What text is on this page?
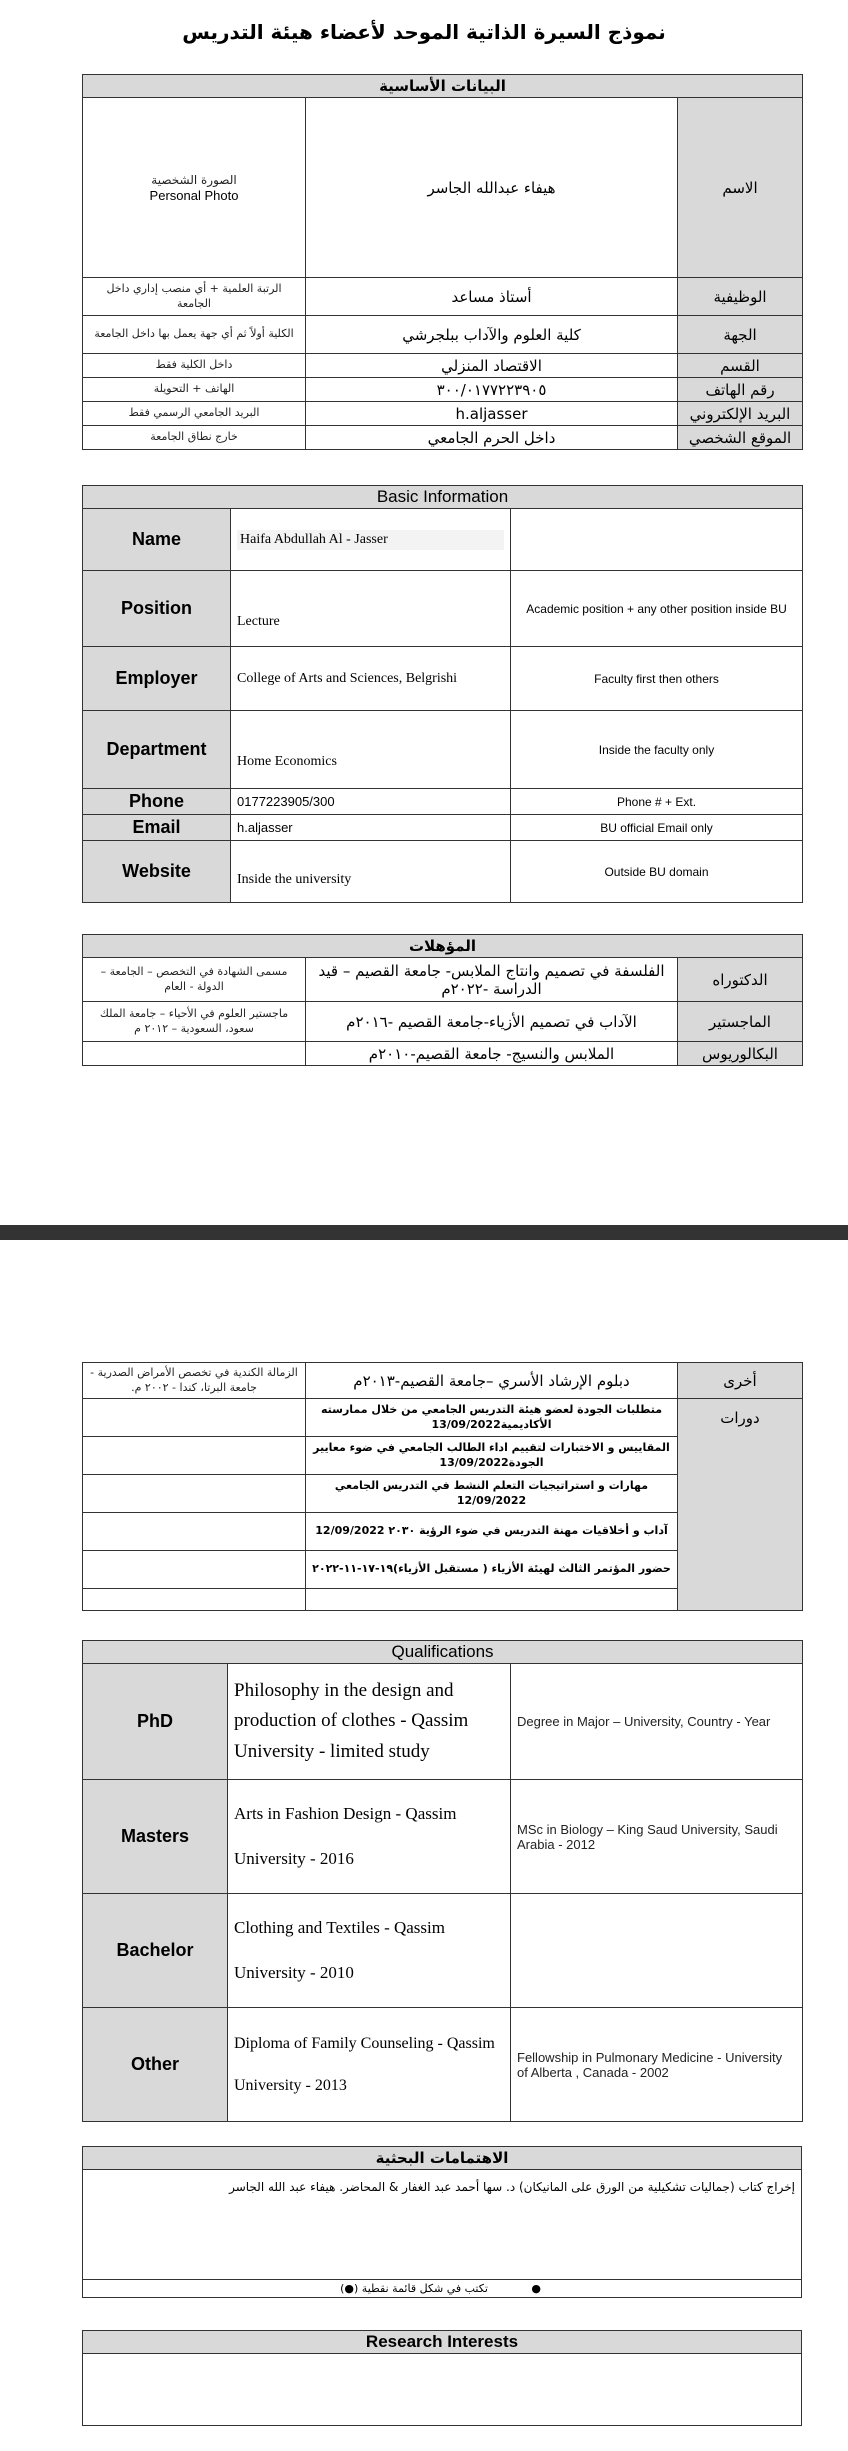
نموذج السيرة الذاتية الموحد لأعضاء هيئة التدريس
البيانات الأساسية		
الاسم	هيفاء عبدالله الجاسر	الصورة الشخصية
Personal Photo

الوظيفية	أستاذ مساعد	الرتبة العلمية + أي منصب إداري داخل الجامعة
الجهة	كلية العلوم والآداب ببلجرشي	الكلية أولاً ثم أي جهة يعمل بها داخل الجامعة
القسم	الاقتصاد المنزلي	داخل الكلية فقط
رقم الهاتف	٣٠٠/٠١٧٧٢٢٣٩٠٥	الهاتف + التحويلة
البريد الإلكتروني	h.aljasser	البريد الجامعي الرسمي فقط
الموقع الشخصي	داخل الحرم الجامعي	خارج نطاق الجامعة
Basic Information		
Name	Haifa Abdullah Al - Jasser	

Position	Lecture	Academic position + any other position inside BU
Employer	College of Arts and Sciences, Belgrishi	Faculty first then others
Department	Home Economics	Inside the faculty only
Phone	0177223905/300	Phone # + Ext.
Email	h.aljasser	BU official Email only
Website	Inside the university	Outside BU domain
المؤهلات		
الدكتوراه	الفلسفة في تصميم وانتاج الملابس- جامعة القصيم – قيد الدراسة -٢٠٢٢م	مسمى الشهادة في التخصص – الجامعة – الدولة - العام
الماجستير	الآداب في تصميم الأزياء-جامعة القصيم -٢٠١٦م	ماجستير العلوم في الأحياء – جامعة الملك سعود، السعودية – ٢٠١٢ م
البكالوريوس	الملابس والنسيج- جامعة القصيم-٢٠١٠م	
أخرى	دبلوم الإرشاد الأسري –جامعة القصيم-٢٠١٣م	الزمالة الكندية في تخصص الأمراض الصدرية - جامعة البرتا، كندا - ٢٠٠٢ م.
دورات	متطلبات الجودة لعضو هيئة التدريس الجامعي من خلال ممارسته الأكاديمية13/09/2022	
	المقاييس و الاختبارات لتقييم اداء الطالب الجامعي في ضوء معايير الجودة13/09/2022	
	مهارات و استراتيجيات التعلم النشط في التدريس الجامعي 12/09/2022	
	آداب و أخلاقيات مهنة التدريس في ضوء الرؤية ٢٠٣٠ 12/09/2022	
	حضور المؤتمر الثالث لهيئة الأزياء ( مستقبل الأزياء)١٩-١٧-١١-٢٠٢٢	

Qualifications		
PhD	Philosophy in the design and production of clothes - Qassim University - limited study	Degree in Major – University, Country - Year
Masters	Arts in Fashion Design - Qassim University - 2016	MSc in Biology – King Saud University, Saudi Arabia - 2012
Bachelor	Clothing and Textiles - Qassim University - 2010	
Other	Diploma of Family Counseling - Qassim University - 2013	Fellowship in Pulmonary Medicine - University of Alberta , Canada - 2002
الاهتمامات البحثية
إخراج كتاب (جماليات تشكيلية من الورق على المانيكان) د. سها أحمد عبد الغفار & المحاضر. هيفاء عبد الله الجاسر
● تكتب في شكل قائمة نقطية (●)
Research Interests
